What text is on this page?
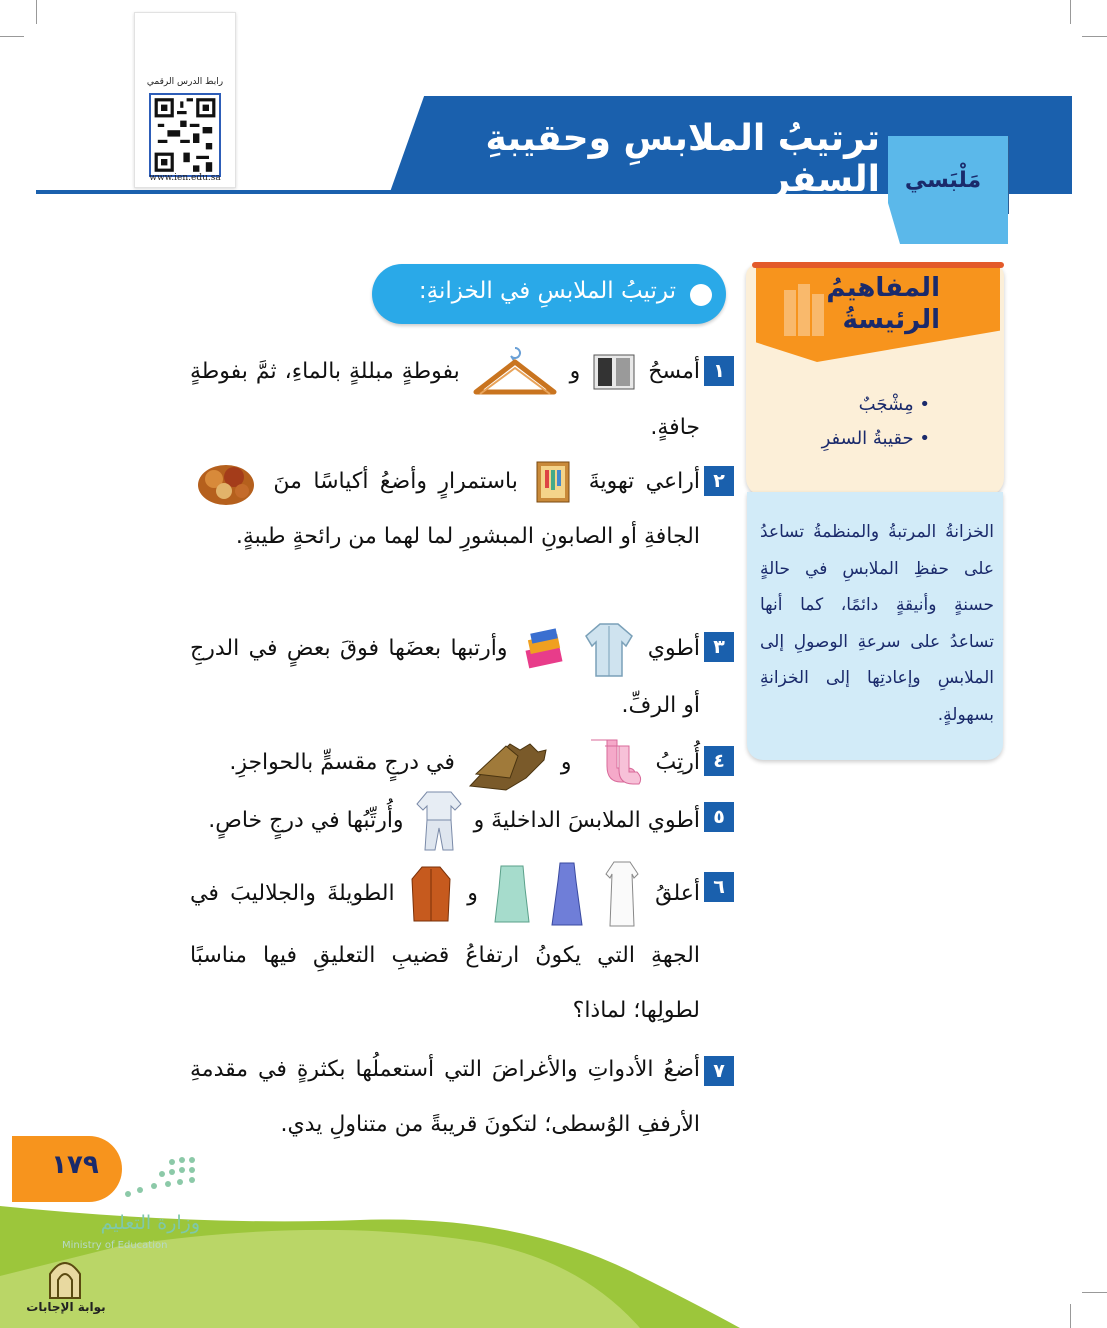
رابط الدرس الرقمي
www.ien.edu.sa
ترتيبُ الملابسِ وحقيبةِ السفرِ	مَلْبَسي
المفاهيمُ
الرئيسةُ
• مِشْجَبٌ
• حقيبةُ السفرِ
الخزانةُ المرتبةُ والمنظمةُ تساعدُ على حفظِ الملابسِ في حالةٍ حسنةٍ وأنيقةٍ دائمًا، كما أنها تساعدُ على سرعةِ الوصولِ إلى الملابسِ وإعادتِها إلى الخزانةِ بسهولةٍ.
ترتيبُ الملابسِ في الخزانةِ:
١
أمسحُ  و  بفوطةٍ مبللةٍ بالماءِ، ثمَّ بفوطةٍ جافةٍ.
٢
أراعي تهويةَ  باستمرارٍ وأضعُ أكياسًا منَ  الجافةِ أو الصابونِ المبشورِ لما لهما من رائحةٍ طيبةٍ.
٣
أطوي   وأرتبها بعضَها فوقَ بعضٍ في الدرجِ أو الرفِّ.
٤
أُرتِبُ  و  في درجٍ مقسمٍّ بالحواجزِ.
٥
أطوي الملابسَ الداخليةَ و  وأُرتِّبُها في درجٍ خاصٍ.
٦
أعلقُ    و  الطويلةَ والجلاليبَ في الجهةِ التي يكونُ ارتفاعُ قضيبِ التعليقِ فيها مناسبًا لطولِها؛ لماذا؟
٧
أضعُ الأدواتِ والأغراضَ التي أستعملُها بكثرةٍ في مقدمةِ الأرففِ الوُسطى؛ لتكونَ قريبةً من متناولِ يدي.
١٧٩
وزارة التعليم
Ministry of Education
بوابة الإجابات
